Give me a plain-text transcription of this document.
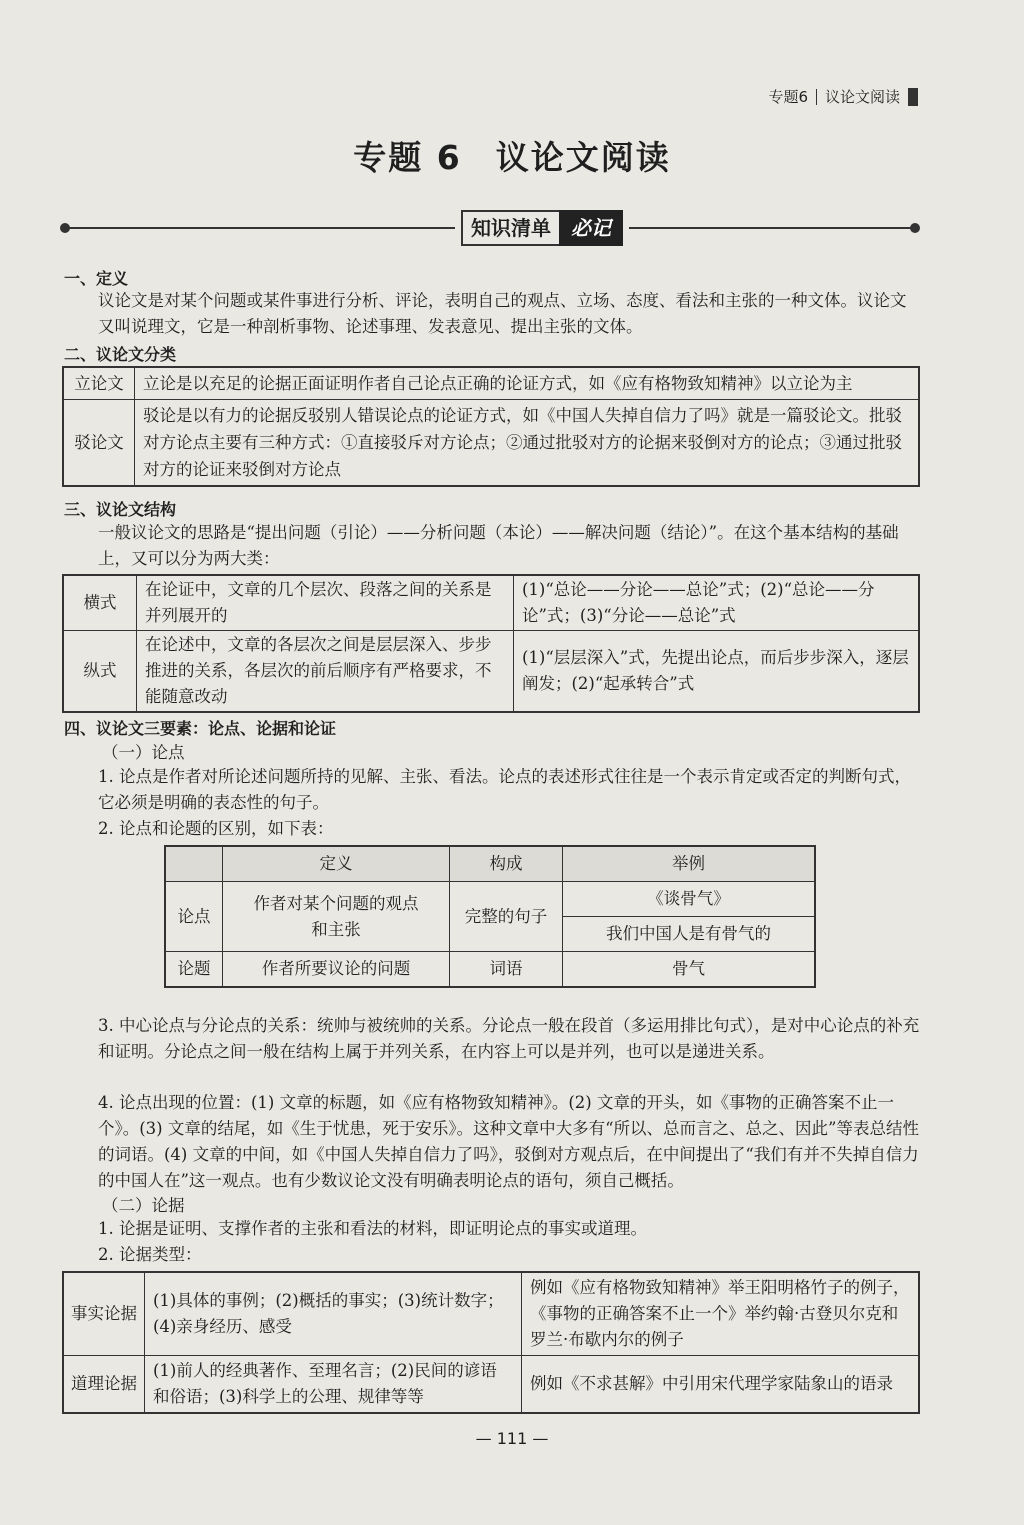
专题6 议论文阅读
专题 6 议论文阅读
知识清单	必记
一、定义
议论文是对某个问题或某件事进行分析、评论，表明自己的观点、立场、态度、看法和主张的一种文体。议论文又叫说理文，它是一种剖析事物、论述事理、发表意见、提出主张的文体。
二、议论文分类
立论文	立论是以充足的论据正面证明作者自己论点正确的论证方式，如《应有格物致知精神》以立论为主
驳论文	驳论是以有力的论据反驳别人错误论点的论证方式，如《中国人失掉自信力了吗》就是一篇驳论文。批驳对方论点主要有三种方式：①直接驳斥对方论点；②通过批驳对方的论据来驳倒对方的论点；③通过批驳对方的论证来驳倒对方论点
三、议论文结构
一般议论文的思路是“提出问题（引论）——分析问题（本论）——解决问题（结论）”。在这个基本结构的基础上，又可以分为两大类：
横式	在论证中，文章的几个层次、段落之间的关系是并列展开的	(1)“总论——分论——总论”式；(2)“总论——分论”式；(3)“分论——总论”式
纵式	在论述中，文章的各层次之间是层层深入、步步推进的关系，各层次的前后顺序有严格要求，不能随意改动	(1)“层层深入”式，先提出论点，而后步步深入，逐层阐发；(2)“起承转合”式
四、议论文三要素：论点、论据和论证
（一）论点
1. 论点是作者对所论述问题所持的见解、主张、看法。论点的表述形式往往是一个表示肯定或否定的判断句式，它必须是明确的表态性的句子。
2. 论点和论题的区别，如下表：
	定义	构成	举例
论点	作者对某个问题的观点和主张	完整的句子	《谈骨气》
			我们中国人是有骨气的
论题	作者所要议论的问题	词语	骨气
3. 中心论点与分论点的关系：统帅与被统帅的关系。分论点一般在段首（多运用排比句式），是对中心论点的补充和证明。分论点之间一般在结构上属于并列关系，在内容上可以是并列，也可以是递进关系。
4. 论点出现的位置：(1) 文章的标题，如《应有格物致知精神》。(2) 文章的开头，如《事物的正确答案不止一个》。(3) 文章的结尾，如《生于忧患，死于安乐》。这种文章中大多有“所以、总而言之、总之、因此”等表总结性的词语。(4) 文章的中间，如《中国人失掉自信力了吗》，驳倒对方观点后，在中间提出了“我们有并不失掉自信力的中国人在”这一观点。也有少数议论文没有明确表明论点的语句，须自己概括。
（二）论据
1. 论据是证明、支撑作者的主张和看法的材料，即证明论点的事实或道理。
2. 论据类型：
事实论据	(1)具体的事例；(2)概括的事实；(3)统计数字；(4)亲身经历、感受	例如《应有格物致知精神》举王阳明格竹子的例子，《事物的正确答案不止一个》举约翰·古登贝尔克和罗兰·布歇内尔的例子
道理论据	(1)前人的经典著作、至理名言；(2)民间的谚语和俗语；(3)科学上的公理、规律等等	例如《不求甚解》中引用宋代理学家陆象山的语录
— 111 —
